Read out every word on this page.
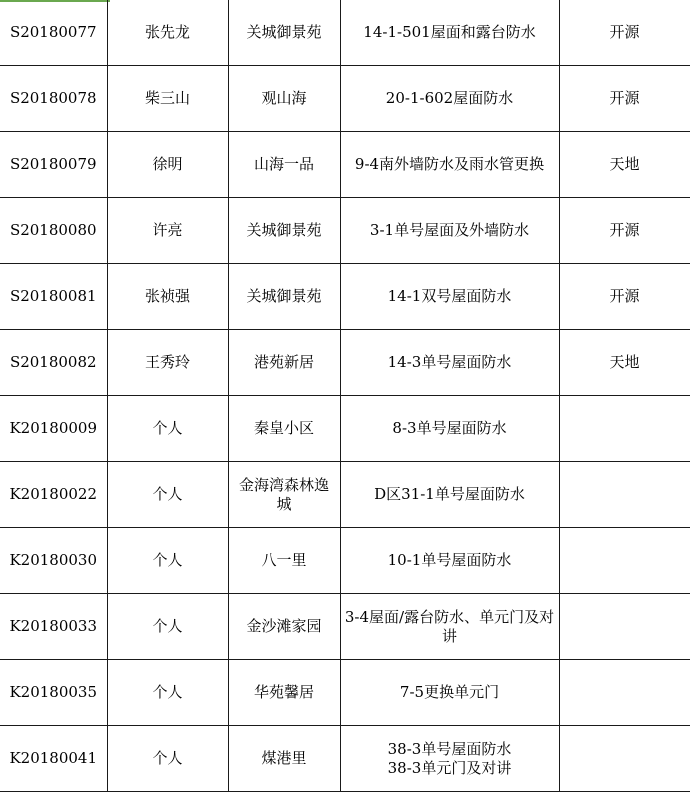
S20180077	张先龙	关城御景苑	14-1-501屋面和露台防水	开源
S20180078	柴三山	观山海	20-1-602屋面防水	开源
S20180079	徐明	山海一品	9-4南外墙防水及雨水管更换	天地
S20180080	许亮	关城御景苑	3-1单号屋面及外墙防水	开源
S20180081	张祯强	关城御景苑	14-1双号屋面防水	开源
S20180082	王秀玲	港苑新居	14-3单号屋面防水	天地
K20180009	个人	秦皇小区	8-3单号屋面防水	

K20180022	个人	金海湾森林逸城	D区31-1单号屋面防水	

K20180030	个人	八一里	10-1单号屋面防水	

K20180033	个人	金沙滩家园	3-4屋面/露台防水、单元门及对讲	

K20180035	个人	华苑馨居	7-5更换单元门	

K20180041	个人	煤港里	38-3单号屋面防水
38-3单元门及对讲	
